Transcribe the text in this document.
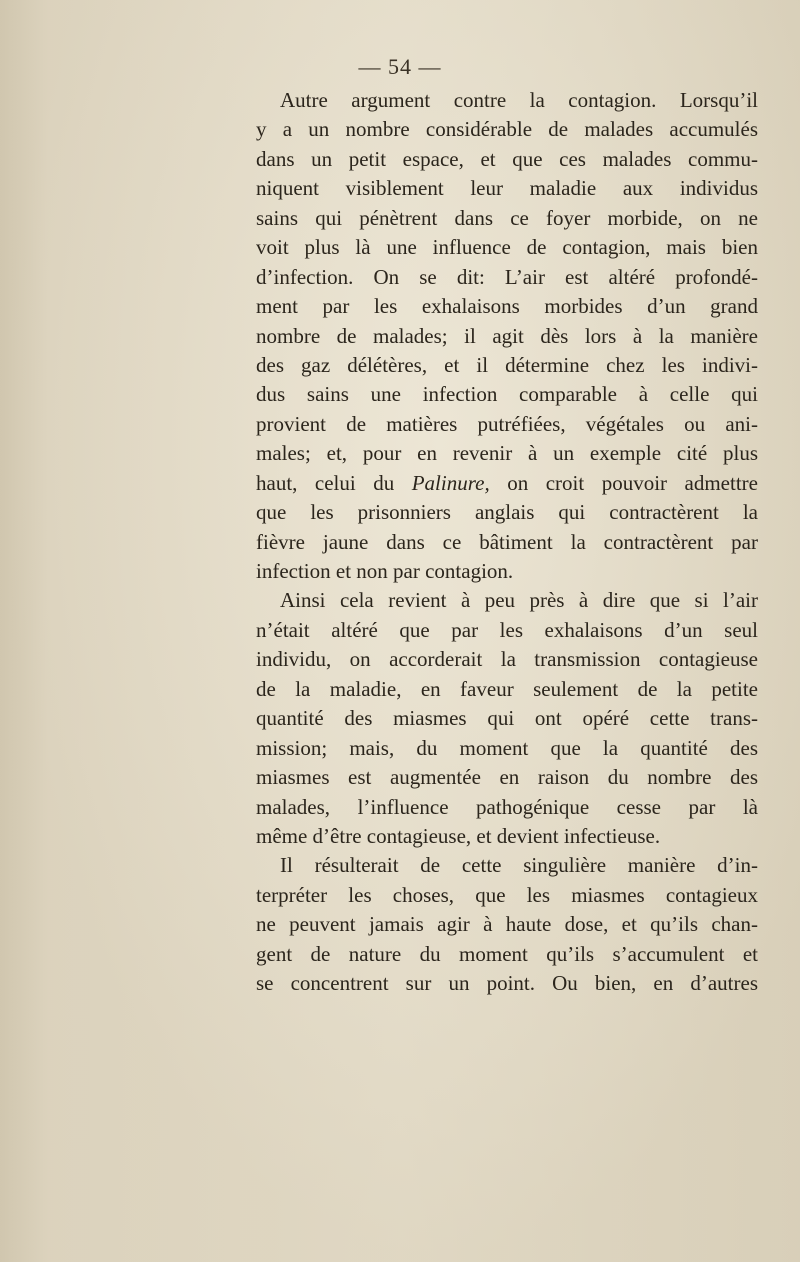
— 54 —
Autre argument contre la contagion. Lorsqu’il
y a un nombre considérable de malades accumulés
dans un petit espace, et que ces malades commu-
niquent visiblement leur maladie aux individus
sains qui pénètrent dans ce foyer morbide, on ne
voit plus là une influence de contagion, mais bien
d’infection. On se dit: L’air est altéré profondé-
ment par les exhalaisons morbides d’un grand
nombre de malades; il agit dès lors à la manière
des gaz délétères, et il détermine chez les indivi-
dus sains une infection comparable à celle qui
provient de matières putréfiées, végétales ou ani-
males; et, pour en revenir à un exemple cité plus
haut, celui du Palinure, on croit pouvoir admettre
que les prisonniers anglais qui contractèrent la
fièvre jaune dans ce bâtiment la contractèrent par
infection et non par contagion.
Ainsi cela revient à peu près à dire que si l’air
n’était altéré que par les exhalaisons d’un seul
individu, on accorderait la transmission contagieuse
de la maladie, en faveur seulement de la petite
quantité des miasmes qui ont opéré cette trans-
mission; mais, du moment que la quantité des
miasmes est augmentée en raison du nombre des
malades, l’influence pathogénique cesse par là
même d’être contagieuse, et devient infectieuse.
Il résulterait de cette singulière manière d’in-
terpréter les choses, que les miasmes contagieux
ne peuvent jamais agir à haute dose, et qu’ils chan-
gent de nature du moment qu’ils s’accumulent et
se concentrent sur un point. Ou bien, en d’autres
